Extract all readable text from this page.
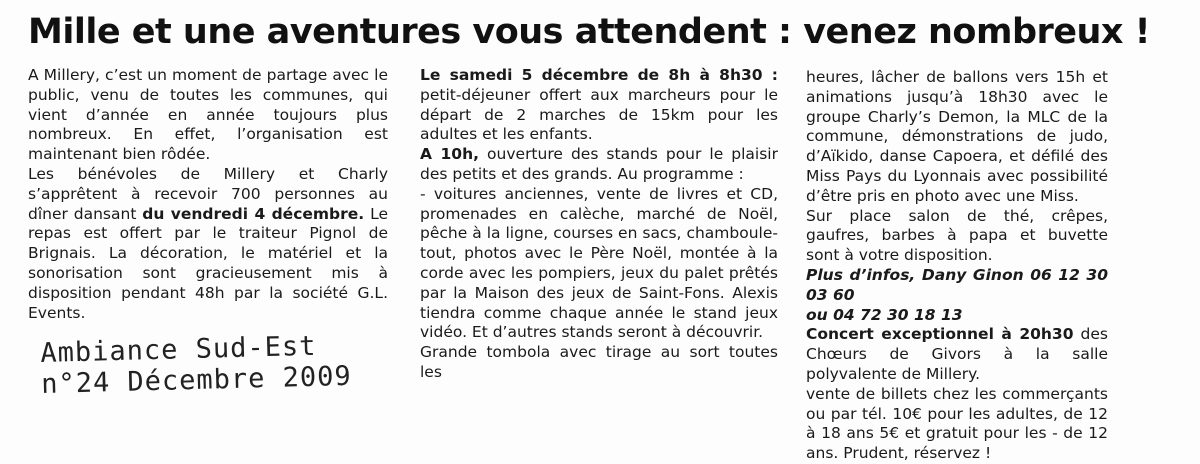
Mille et une aventures vous attendent : venez nombreux !

A Millery, c’est un moment de partage avec le public, venu de toutes les communes, qui vient d’année en année toujours plus nombreux. En effet, l’organisation est maintenant bien rôdée.

Les bénévoles de Millery et Charly s’apprêtent à recevoir 700 personnes au dîner dansant du vendredi 4 décembre. Le repas est offert par le traiteur Pignol de Brignais. La décoration, le matériel et la sonorisation sont gracieusement mis à disposition pendant 48h par la société G.L. Events.

Ambiance Sud-Est
n°24 Décembre 2009

Le samedi 5 décembre de 8h à 8h30 : petit-déjeuner offert aux marcheurs pour le départ de 2 marches de 15km pour les adultes et les enfants.

A 10h, ouverture des stands pour le plaisir des petits et des grands. Au programme :

- voitures anciennes, vente de livres et CD, promenades en calèche, marché de Noël, pêche à la ligne, courses en sacs, chamboule-tout, photos avec le Père Noël, montée à la corde avec les pompiers, jeux du palet prêtés par la Maison des jeux de Saint-Fons. Alexis tiendra comme chaque année le stand jeux vidéo. Et d’autres stands seront à découvrir.

Grande tombola avec tirage au sort toutes les

heures, lâcher de ballons vers 15h et animations jusqu’à 18h30 avec le groupe Charly’s Demon, la MLC de la commune, démonstrations de judo, d’Aïkido, danse Capoera, et défilé des Miss Pays du Lyonnais avec possibilité d’être pris en photo avec une Miss.

Sur place salon de thé, crêpes, gaufres, barbes à papa et buvette sont à votre disposition.

Plus d’infos, Dany Ginon 06 12 30 03 60
ou 04 72 30 18 13

Concert exceptionnel à 20h30 des Chœurs de Givors à la salle polyvalente de Millery.

vente de billets chez les commerçants ou par tél. 10€ pour les adultes, de 12 à 18 ans 5€ et gratuit pour les - de 12 ans. Prudent, réservez !
